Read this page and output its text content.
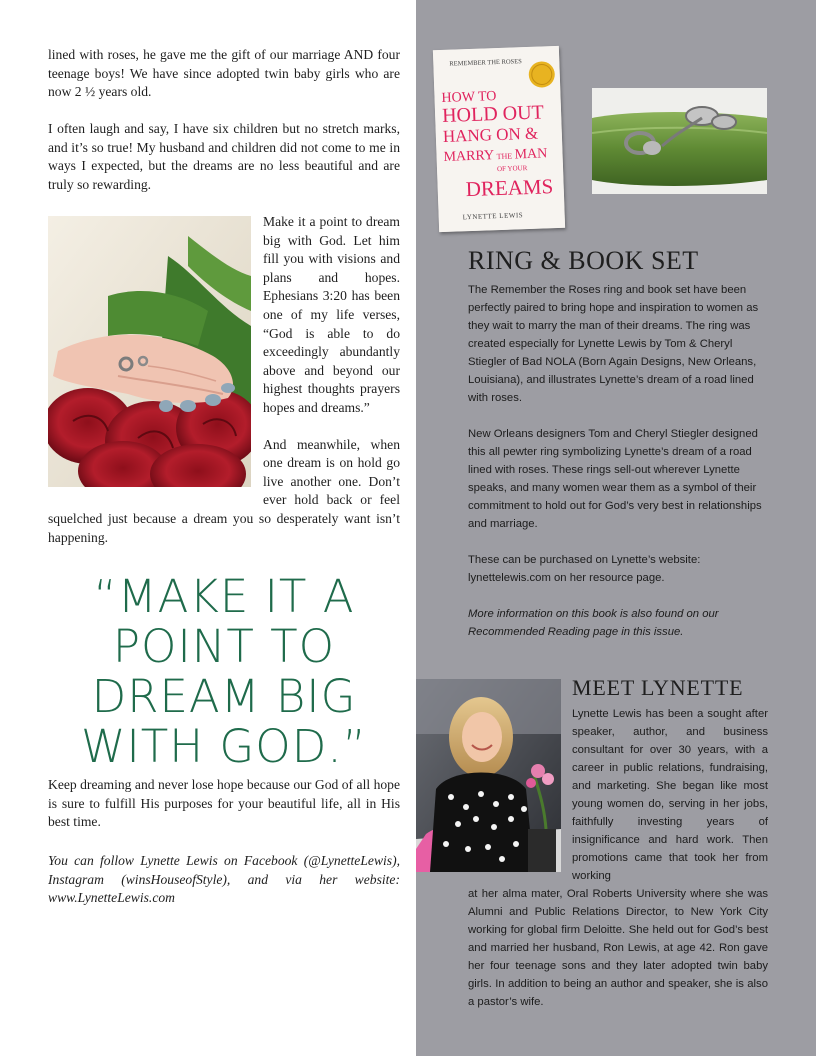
lined with roses, he gave me the gift of our marriage AND four teenage boys! We have since adopted twin baby girls who are now 2 ½ years old.

I often laugh and say, I have six children but no stretch marks, and it’s so true! My husband and children did not come to me in ways I expected, but the dreams are no less beautiful and are truly so rewarding.

Make it a point to dream big with God. Let him fill you with visions and plans and hopes. Ephesians 3:20 has been one of my life verses, “God is able to do exceedingly abundantly above and beyond our highest thoughts prayers hopes and dreams.”

And meanwhile, when one dream is on hold go live another one. Don’t ever hold back or feel squelched just because a dream you so desperately want isn’t happening.

“MAKE IT A POINT TO DREAM BIG WITH GOD.”

Keep dreaming and never lose hope because our God of all hope is sure to fulfill His purposes for your beautiful life, all in His best time.

You can follow Lynette Lewis on Facebook (@LynetteLewis), Instagram (winsHouseofStyle), and via her website: www.LynetteLewis.com

REMEMBER THE ROSES
HOW TO
HOLD OUT
HANG ON &
MARRY THE MAN
OF YOUR
DREAMS
LYNETTE LEWIS
RING & BOOK SET

The Remember the Roses ring and book set have been perfectly paired to bring hope and inspiration to women as they wait to marry the man of their dreams. The ring was created especially for Lynette Lewis by Tom & Cheryl Stiegler of Bad NOLA (Born Again Designs, New Orleans, Louisiana), and illustrates Lynette’s dream of a road lined with roses.

New Orleans designers Tom and Cheryl Stiegler designed this all pewter ring symbolizing Lynette’s dream of a road lined with roses. These rings sell-out wherever Lynette speaks, and many women wear them as a symbol of their commitment to hold out for God’s very best in relationships and marriage.

These can be purchased on Lynette’s website: lynettelewis.com on her resource page.

More information on this book is also found on our Recommended Reading page in this issue.

MEET LYNETTE

Lynette Lewis has been a sought after speaker, author, and business consultant for over 30 years, with a career in public relations, fundraising, and marketing. She began like most young women do, serving in her jobs, faithfully investing years of insignificance and hard work. Then promotions came that took her from working

at her alma mater, Oral Roberts University where she was Alumni and Public Relations Director, to New York City working for global firm Deloitte. She held out for God’s best and married her husband, Ron Lewis, at age 42. Ron gave her four teenage sons and they later adopted twin baby girls. In addition to being an author and speaker, she is also a pastor’s wife.
